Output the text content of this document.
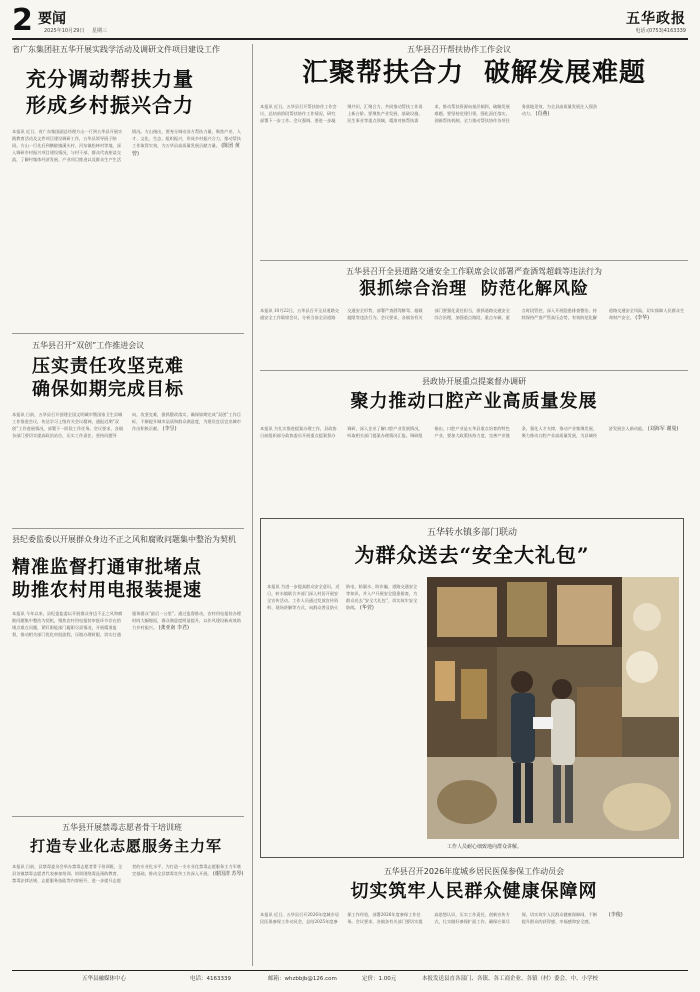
2 要闻
2025年10月29日 星期三
五华政报
电话:(0753)4163339
省广东集团驻五华开展实践学活动及调研文件项目建设工作
充分调动帮扶力量
形成乡村振兴合力
本报讯 近日，省广东集团副总经理方山一行到五华县开展实践教育活动及文件项目建设调研工作，五华县领导班子陪同。方山一行先后到横陂镇溪头村、河东镇松林村等地，深入调研乡村振兴项目建设情况，与村干部、群众代表座谈交流，了解村集体经济发展、产业项目推进以及群众生产生活情况。方山指出，要充分调动各方帮扶力量，聚焦产业、人才、文化、生态、组织振兴，形成乡村振兴合力，推动帮扶工作取得实效，为五华县高质量发展贡献力量。 (陈团 黄曾)
五华县召开“双创”工作推进会议
压实责任攻坚克难
确保如期完成目标
本报讯 日前，五华县召开创建全国文明城市暨国家卫生县城工作推进会议，传达学习上级有关会议精神，通报近期“双创”工作进展情况，部署下一阶段工作任务。会议要求，各镇各部门要切实提高政治站位，压实工作责任，坚持问题导向，攻坚克难，狠抓整改落实，确保如期完成“双创”工作目标，不断提升城市品质和群众满意度，为建设宜居宜业城市作出积极贡献。 (李昱)
县纪委监委以开展群众身边不正之风和腐败问题集中整治为契机
精准监督打通审批堵点
助推农村用电报装提速
本报讯 今年以来，县纪委监委以开展群众身边不正之风和腐败问题集中整治为契机，聚焦农村用电报装审批环节存在的堵点难点问题，紧盯职能部门履职尽责情况，开展精准监督，推动相关部门优化审批流程，压缩办理时限，切实打通服务群众“最后一公里”。通过监督推动，农村用电报装办理时间大幅缩短，群众满意度明显提升，以作风建设新成效助力乡村振兴。 (龚亚南 李君)
五华县开展禁毒志愿者骨干培训班
打造专业化志愿服务主力军
本报讯 日前，县禁毒委员会举办禁毒志愿者骨干培训班，全县各镇禁毒志愿者代表参加培训。培训围绕毒品预防教育、禁毒法律法规、志愿服务技能等内容展开，进一步提升志愿者的专业化水平，为打造一支专业化禁毒志愿服务主力军奠定基础，推动全县禁毒宣传工作深入开展。 (谢国清 苏琴)
五华县召开帮扶协作工作会议
汇聚帮扶合力  破解发展难题
本报讯 近日，五华县召开帮扶协作工作会议，总结前阶段帮扶协作工作情况，研究部署下一步工作。会议强调，要进一步凝聚共识，汇聚合力，共同推动帮扶工作再上新台阶。要聚焦产业发展、基础设施、民生事业等重点领域，精准对接帮扶需求，推动帮扶资源向基层倾斜，破解发展难题。要坚持党建引领，强化责任落实，创新帮扶机制，全力推动帮扶协作各项任务落地见效，为全县高质量发展注入强劲动力。 (肖燕)
五华县召开全县道路交通安全工作联席会议部署严查酒驾超载等违法行为
狠抓综合治理  防范化解风险
本报讯 10月22日，五华县召开全县道路交通安全工作联席会议，分析当前全县道路交通安全形势，部署严查酒驾醉驾、超载超限等违法行为。会议要求，各镇各有关部门要强化责任担当，狠抓道路交通安全综合治理，加强重点路段、重点车辆、重点时段管控，深入开展隐患排查整治，持续保持严查严管高压态势，有效防范化解道路交通安全风险，切实保障人民群众生命财产安全。 (李华)
县政协开展重点提案督办调研
聚力推动口腔产业高质量发展
本报讯 为扎实推进提案办理工作，县政协日前组织部分政协委员开展重点提案督办调研，深入企业了解口腔产业发展情况，听取相关部门提案办理情况汇报。调研组指出，口腔产业是五华县重点培育的特色产业，要加大政策扶持力度，完善产业链条，强化人才支撑，推动产业集聚发展，聚力推动口腔产业高质量发展，为县域经济发展注入新动能。 (刘海军 谢曼)
五华转水镇多部门联动
为群众送去“安全大礼包”
本报讯 为进一步提高群众安全意识，近日，转水镇联合多部门深入村居开展安全宣传活动。工作人员通过发放宣传资料、现场讲解等方式，向群众普及防火防电、防溺水、防诈骗、道路交通安全等知识，并入户开展安全隐患排查，为群众送去“安全大礼包”，切实筑牢安全防线。 (华萱)
工作人员耐心细致地向群众讲解。
五华县召开2026年度城乡居民医保参保工作动员会
切实筑牢人民群众健康保障网
本报讯 近日，五华县召开2026年度城乡居民医保参保工作动员会，总结2025年度参保工作经验，部署2026年度参保工作任务。会议要求，各镇各有关部门要切实提高思想认识，压实工作责任，创新宣传方式，扎实做好参保扩面工作，确保应保尽保，切实筑牢人民群众健康保障网，不断提升群众的获得感、幸福感和安全感。 (李俊)
五华县融媒体中心	电话：4163339	邮箱：whzbbjb@126.com	定价：1.00元	本报发送县直各部门、各镇、各工商企业、各镇（村）委会、中、小学校
